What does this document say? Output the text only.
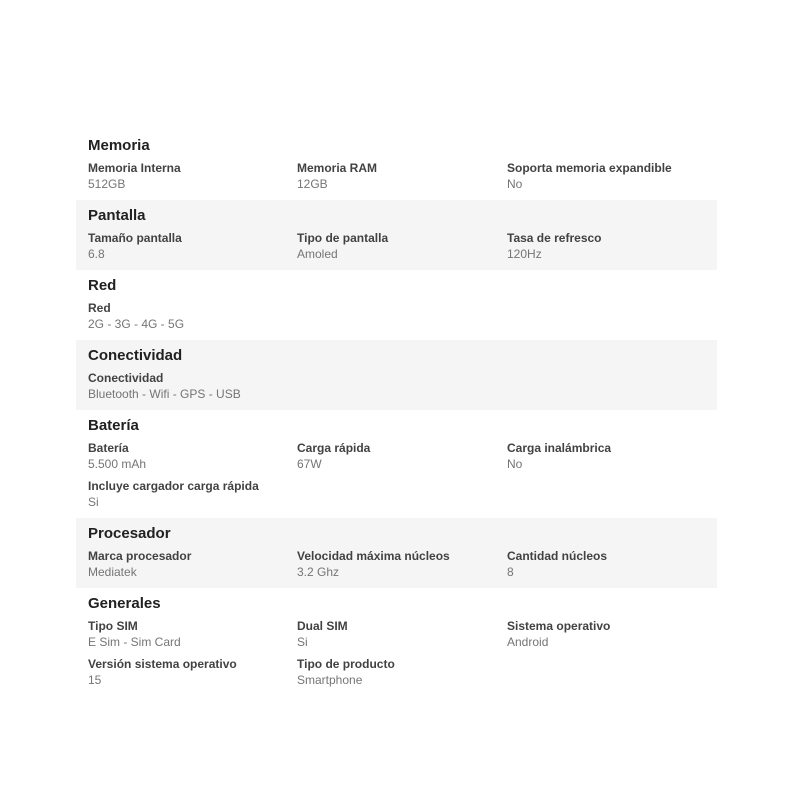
Memoria
Memoria Interna
512GB
Memoria RAM
12GB
Soporta memoria expandible
No
Pantalla
Tamaño pantalla
6.8
Tipo de pantalla
Amoled
Tasa de refresco
120Hz
Red
Red
2G - 3G - 4G - 5G
Conectividad
Conectividad
Bluetooth - Wifi - GPS - USB
Batería
Batería
5.500 mAh
Carga rápida
67W
Carga inalámbrica
No
Incluye cargador carga rápida
Si
Procesador
Marca procesador
Mediatek
Velocidad máxima núcleos
3.2 Ghz
Cantidad núcleos
8
Generales
Tipo SIM
E Sim - Sim Card
Dual SIM
Si
Sistema operativo
Android
Versión sistema operativo
15
Tipo de producto
Smartphone
